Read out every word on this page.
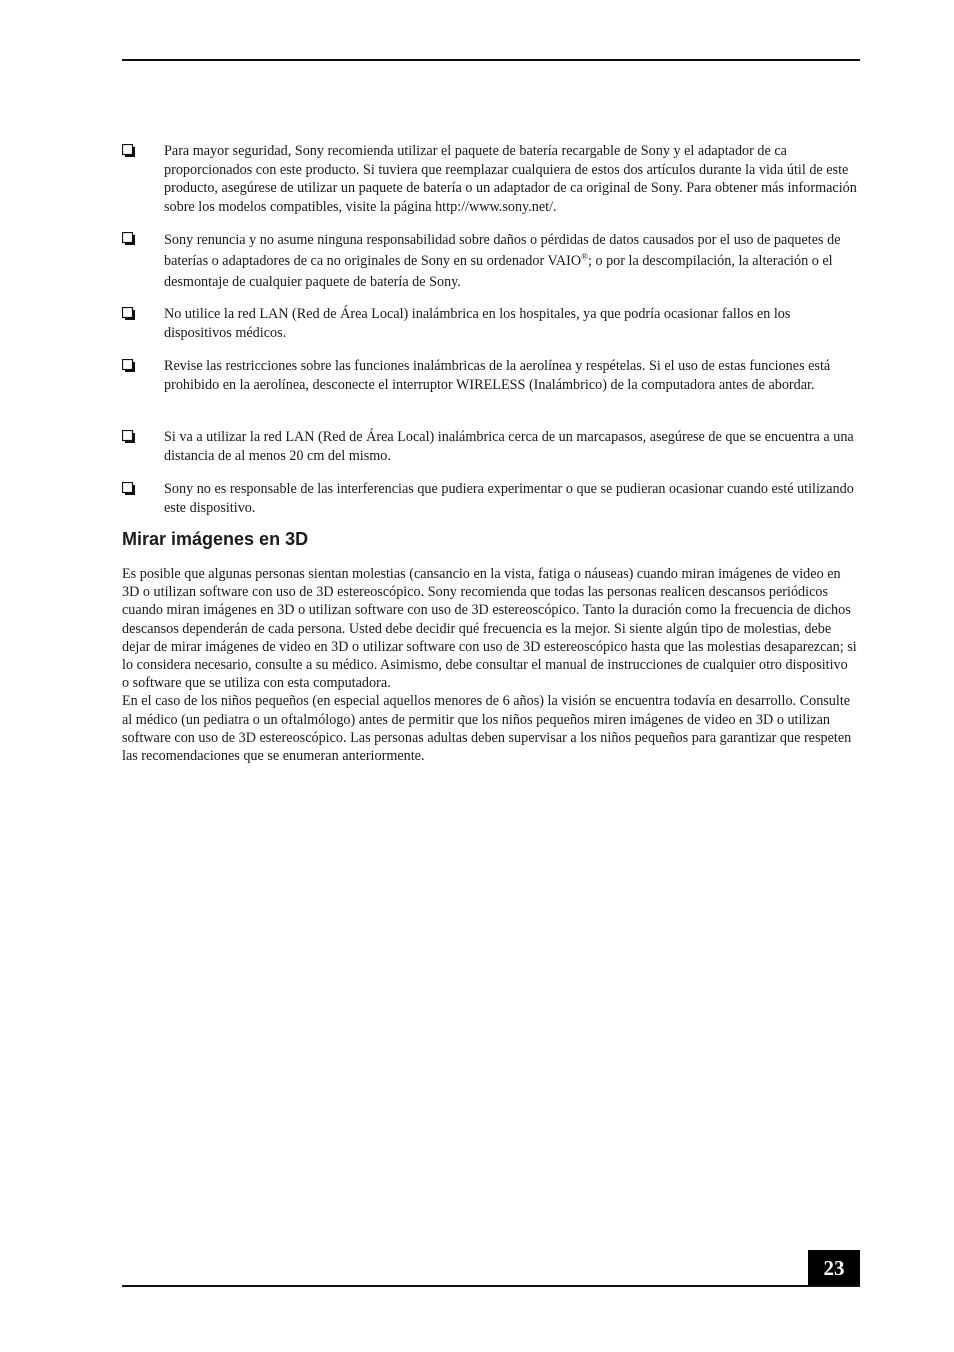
Para mayor seguridad, Sony recomienda utilizar el paquete de batería recargable de Sony y el adaptador de ca proporcionados con este producto. Si tuviera que reemplazar cualquiera de estos dos artículos durante la vida útil de este producto, asegúrese de utilizar un paquete de batería o un adaptador de ca original de Sony. Para obtener más información sobre los modelos compatibles, visite la página http://www.sony.net/.
Sony renuncia y no asume ninguna responsabilidad sobre daños o pérdidas de datos causados por el uso de paquetes de baterías o adaptadores de ca no originales de Sony en su ordenador VAIO®; o por la descompilación, la alteración o el desmontaje de cualquier paquete de batería de Sony.
No utilice la red LAN (Red de Área Local) inalámbrica en los hospitales, ya que podría ocasionar fallos en los dispositivos médicos.
Revise las restricciones sobre las funciones inalámbricas de la aerolínea y respételas. Si el uso de estas funciones está prohibido en la aerolínea, desconecte el interruptor WIRELESS (Inalámbrico) de la computadora antes de abordar.
Si va a utilizar la red LAN (Red de Área Local) inalámbrica cerca de un marcapasos, asegúrese de que se encuentra a una distancia de al menos 20 cm del mismo.
Sony no es responsable de las interferencias que pudiera experimentar o que se pudieran ocasionar cuando esté utilizando este dispositivo.
Mirar imágenes en 3D

Es posible que algunas personas sientan molestias (cansancio en la vista, fatiga o náuseas) cuando miran imágenes de video en 3D o utilizan software con uso de 3D estereoscópico. Sony recomienda que todas las personas realicen descansos periódicos cuando miran imágenes en 3D o utilizan software con uso de 3D estereoscópico. Tanto la duración como la frecuencia de dichos descansos dependerán de cada persona. Usted debe decidir qué frecuencia es la mejor. Si siente algún tipo de molestias, debe dejar de mirar imágenes de video en 3D o utilizar software con uso de 3D estereoscópico hasta que las molestias desaparezcan; si lo considera necesario, consulte a su médico. Asimismo, debe consultar el manual de instrucciones de cualquier otro dispositivo o software que se utiliza con esta computadora.

En el caso de los niños pequeños (en especial aquellos menores de 6 años) la visión se encuentra todavía en desarrollo. Consulte al médico (un pediatra o un oftalmólogo) antes de permitir que los niños pequeños miren imágenes de video en 3D o utilizan software con uso de 3D estereoscópico. Las personas adultas deben supervisar a los niños pequeños para garantizar que respeten las recomendaciones que se enumeran anteriormente.

23
